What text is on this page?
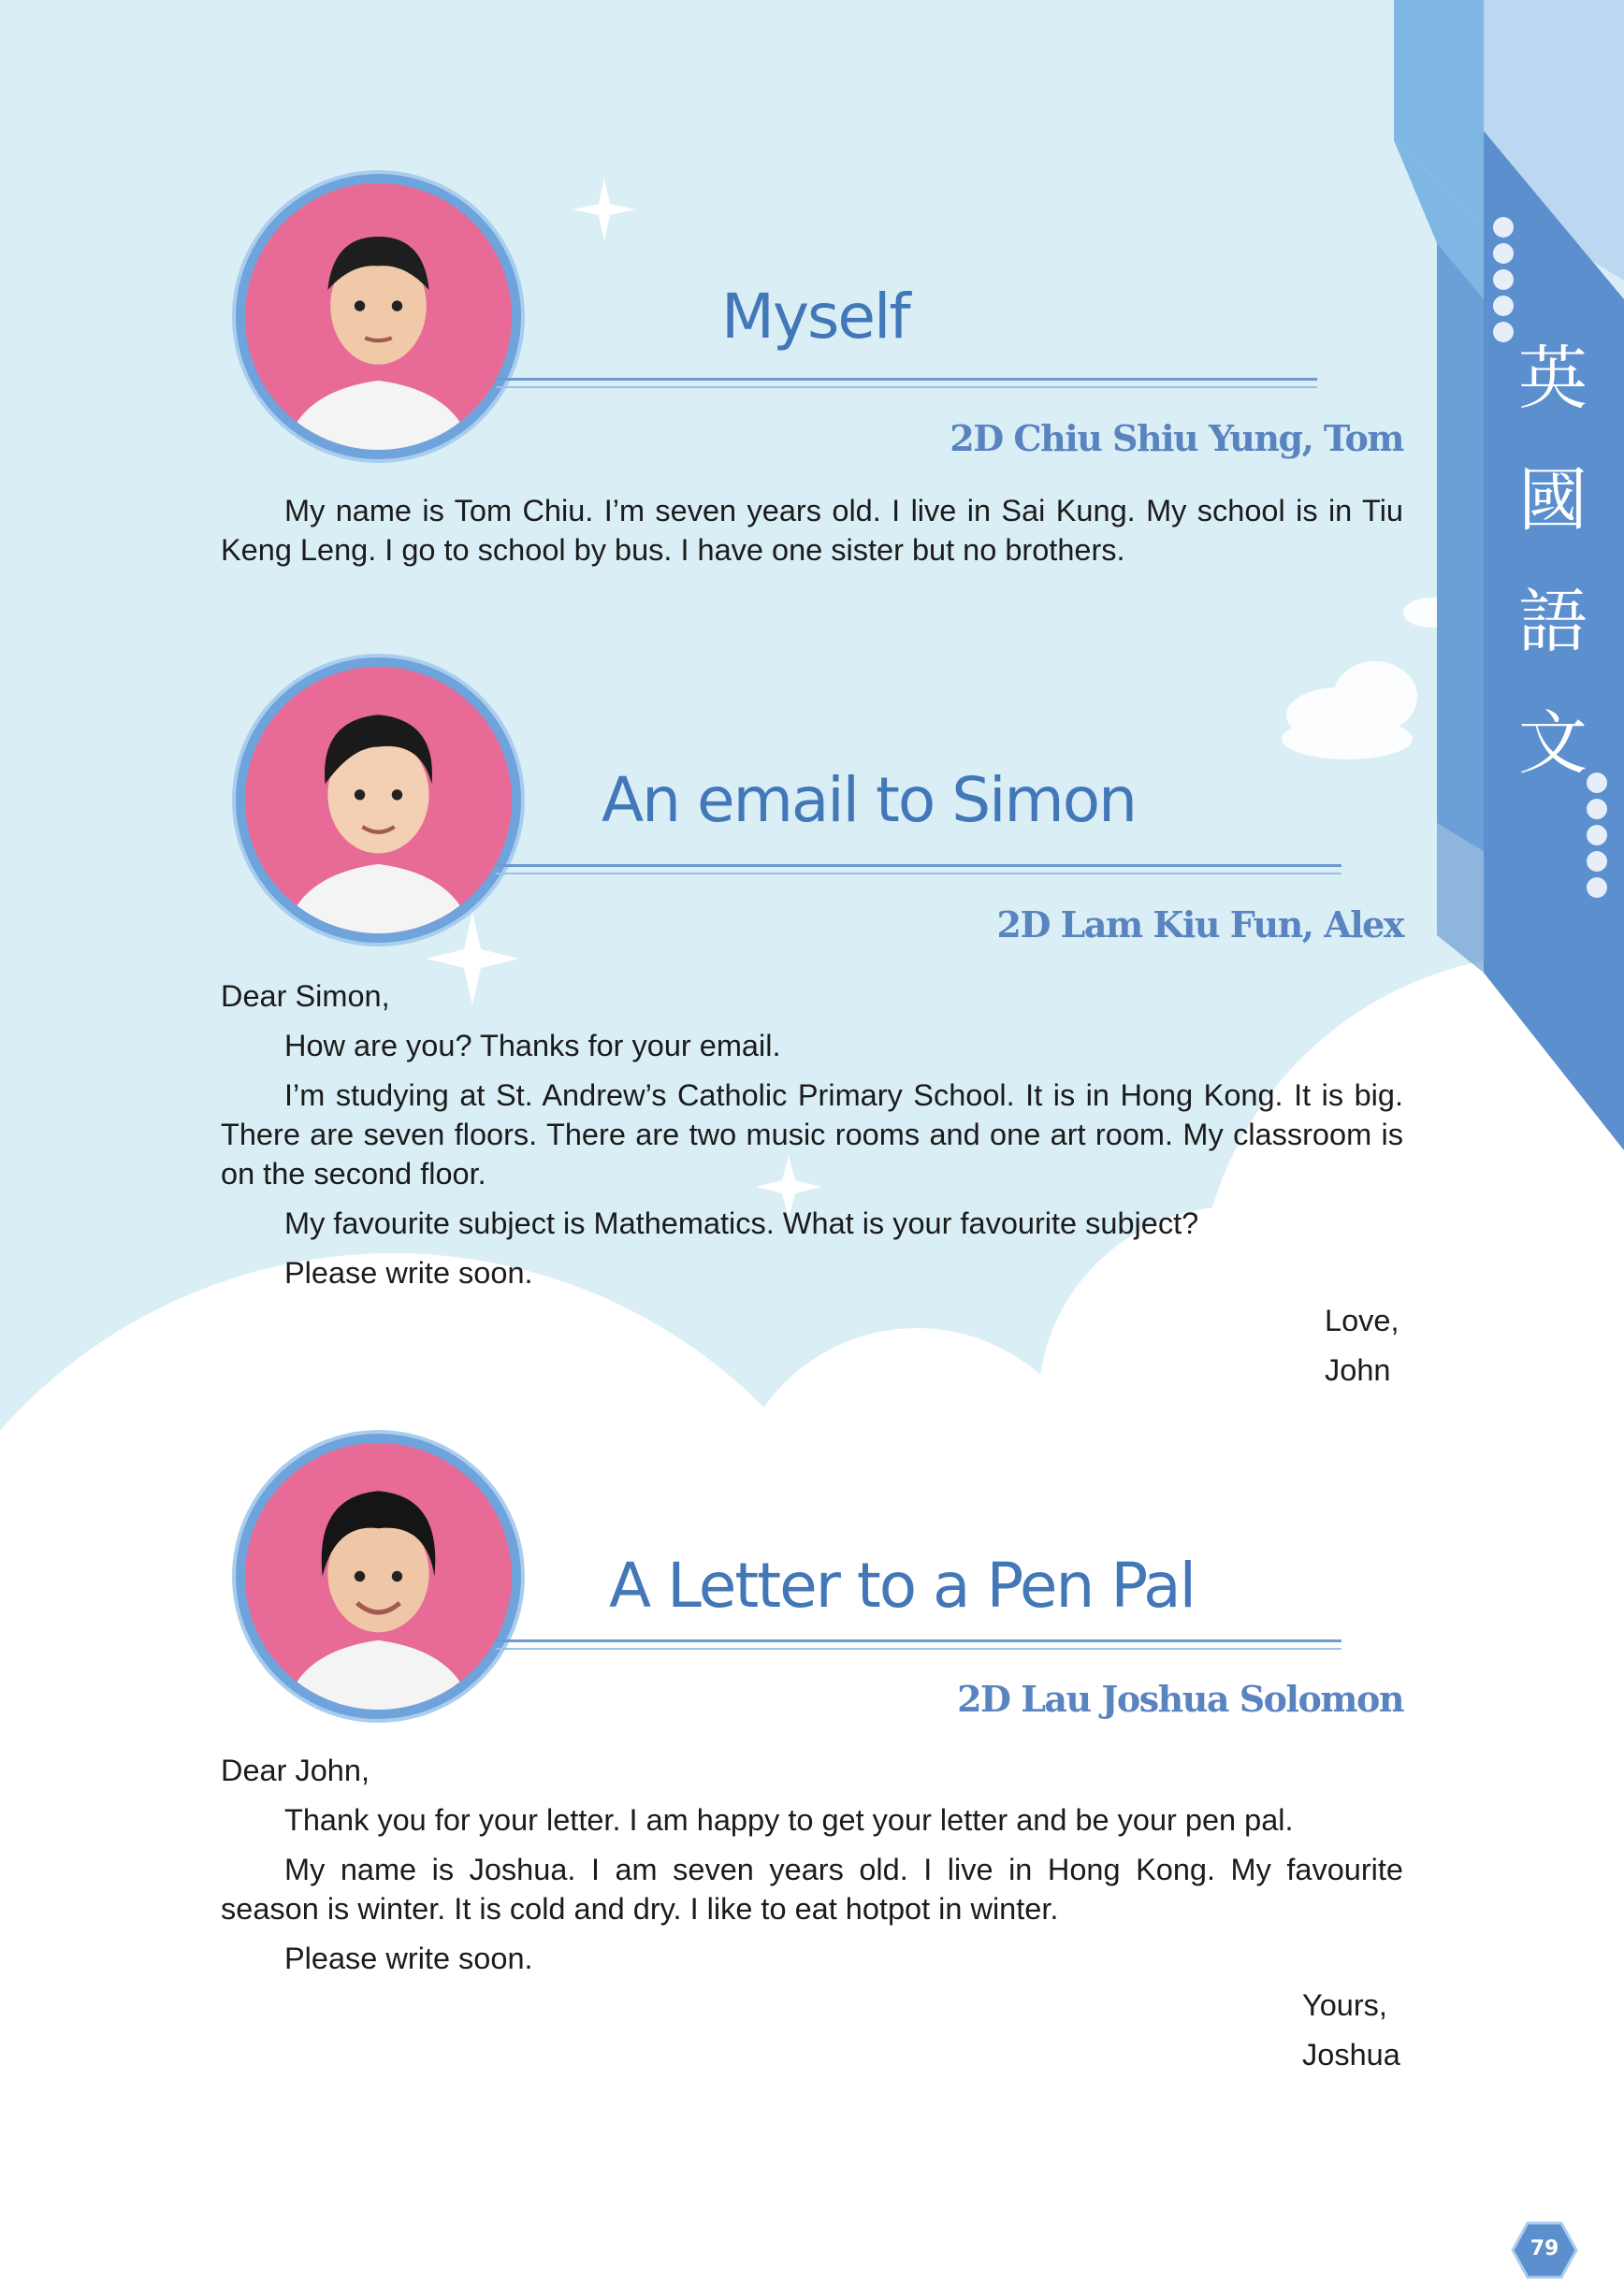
英
國
語
文
Myself
2D Chiu Shiu Yung, Tom

My name is Tom Chiu. I’m seven years old. I live in Sai Kung. My school is in Tiu Keng Leng. I go to school by bus. I have one sister but no brothers.

An email to Simon
2D Lam Kiu Fun, Alex

Dear Simon,

How are you? Thanks for your email.

I’m studying at St. Andrew’s Catholic Primary School. It is in Hong Kong. It is big. There are seven floors. There are two music rooms and one art room. My classroom is on the second floor.

My favourite subject is Mathematics. What is your favourite subject?

Please write soon.

Love,
John
A Letter to a Pen Pal
2D Lau Joshua Solomon

Dear John,

Thank you for your letter. I am happy to get your letter and be your pen pal.

My name is Joshua. I am seven years old. I live in Hong Kong. My favourite season is winter. It is cold and dry. I like to eat hotpot in winter.

Please write soon.

Yours,
Joshua
79
